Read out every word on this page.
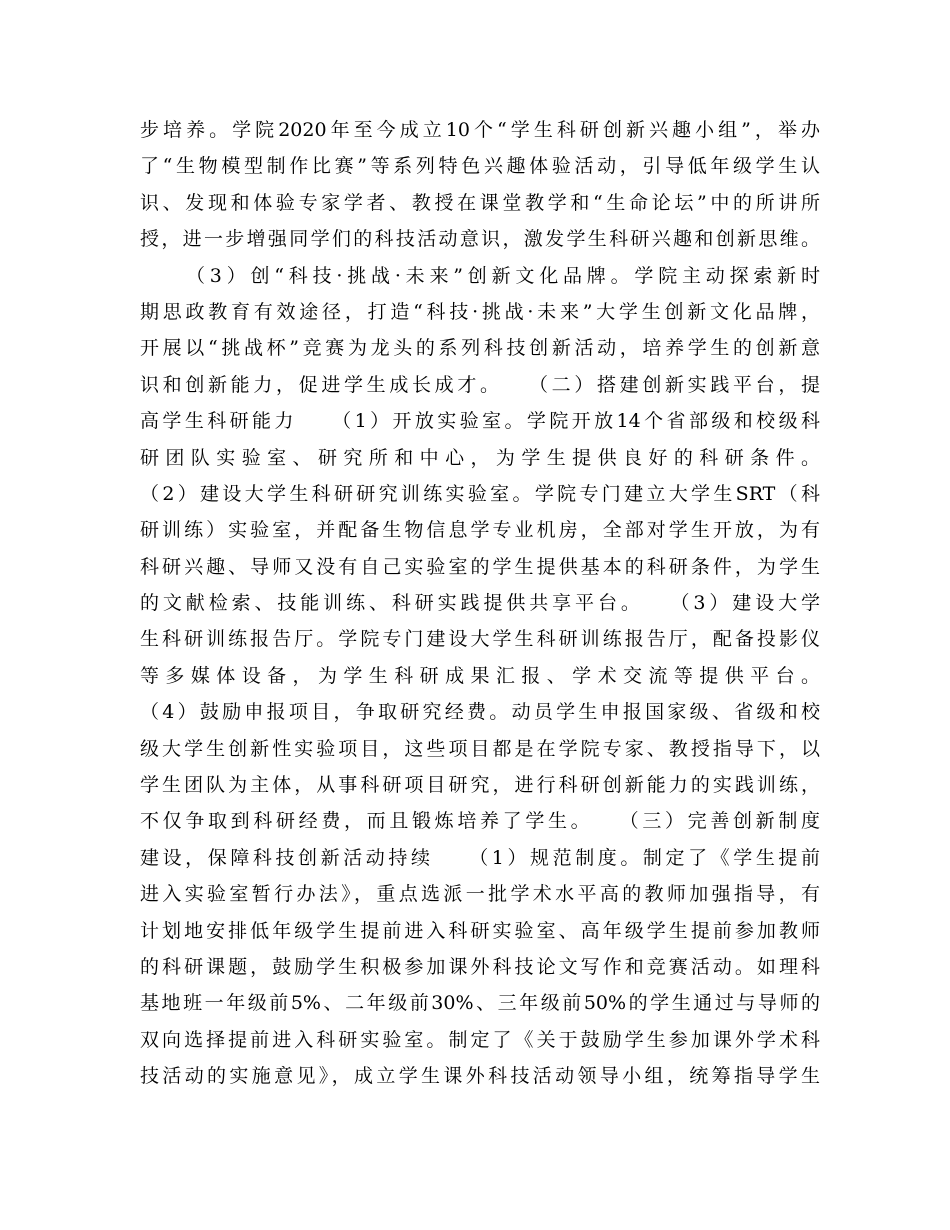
步培养。学院2020年至今成立10个“学生科研创新兴趣小组”，举办
了“生物模型制作比赛”等系列特色兴趣体验活动，引导低年级学生认
识、发现和体验专家学者、教授在课堂教学和“生命论坛”中的所讲所
授，进一步增强同学们的科技活动意识，激发学生科研兴趣和创新思维。
（3）创“科技·挑战·未来”创新文化品牌。学院主动探索新时
期思政教育有效途径，打造“科技·挑战·未来”大学生创新文化品牌，
开展以“挑战杯”竞赛为龙头的系列科技创新活动，培养学生的创新意
识和创新能力，促进学生成长成才。　　（二）搭建创新实践平台，提
高学生科研能力　　（1）开放实验室。学院开放14个省部级和校级科
研团队实验室、研究所和中心，为学生提供良好的科研条件。
（2）建设大学生科研研究训练实验室。学院专门建立大学生SRT（科
研训练）实验室，并配备生物信息学专业机房，全部对学生开放，为有
科研兴趣、导师又没有自己实验室的学生提供基本的科研条件，为学生
的文献检索、技能训练、科研实践提供共享平台。　　（3）建设大学
生科研训练报告厅。学院专门建设大学生科研训练报告厅，配备投影仪
等多媒体设备，为学生科研成果汇报、学术交流等提供平台。
（4）鼓励申报项目，争取研究经费。动员学生申报国家级、省级和校
级大学生创新性实验项目，这些项目都是在学院专家、教授指导下，以
学生团队为主体，从事科研项目研究，进行科研创新能力的实践训练，
不仅争取到科研经费，而且锻炼培养了学生。　　（三）完善创新制度
建设，保障科技创新活动持续　　（1）规范制度。制定了《学生提前
进入实验室暂行办法》，重点选派一批学术水平高的教师加强指导，有
计划地安排低年级学生提前进入科研实验室、高年级学生提前参加教师
的科研课题，鼓励学生积极参加课外科技论文写作和竞赛活动。如理科
基地班一年级前5%、二年级前30%、三年级前50%的学生通过与导师的
双向选择提前进入科研实验室。制定了《关于鼓励学生参加课外学术科
技活动的实施意见》，成立学生课外科技活动领导小组，统筹指导学生
